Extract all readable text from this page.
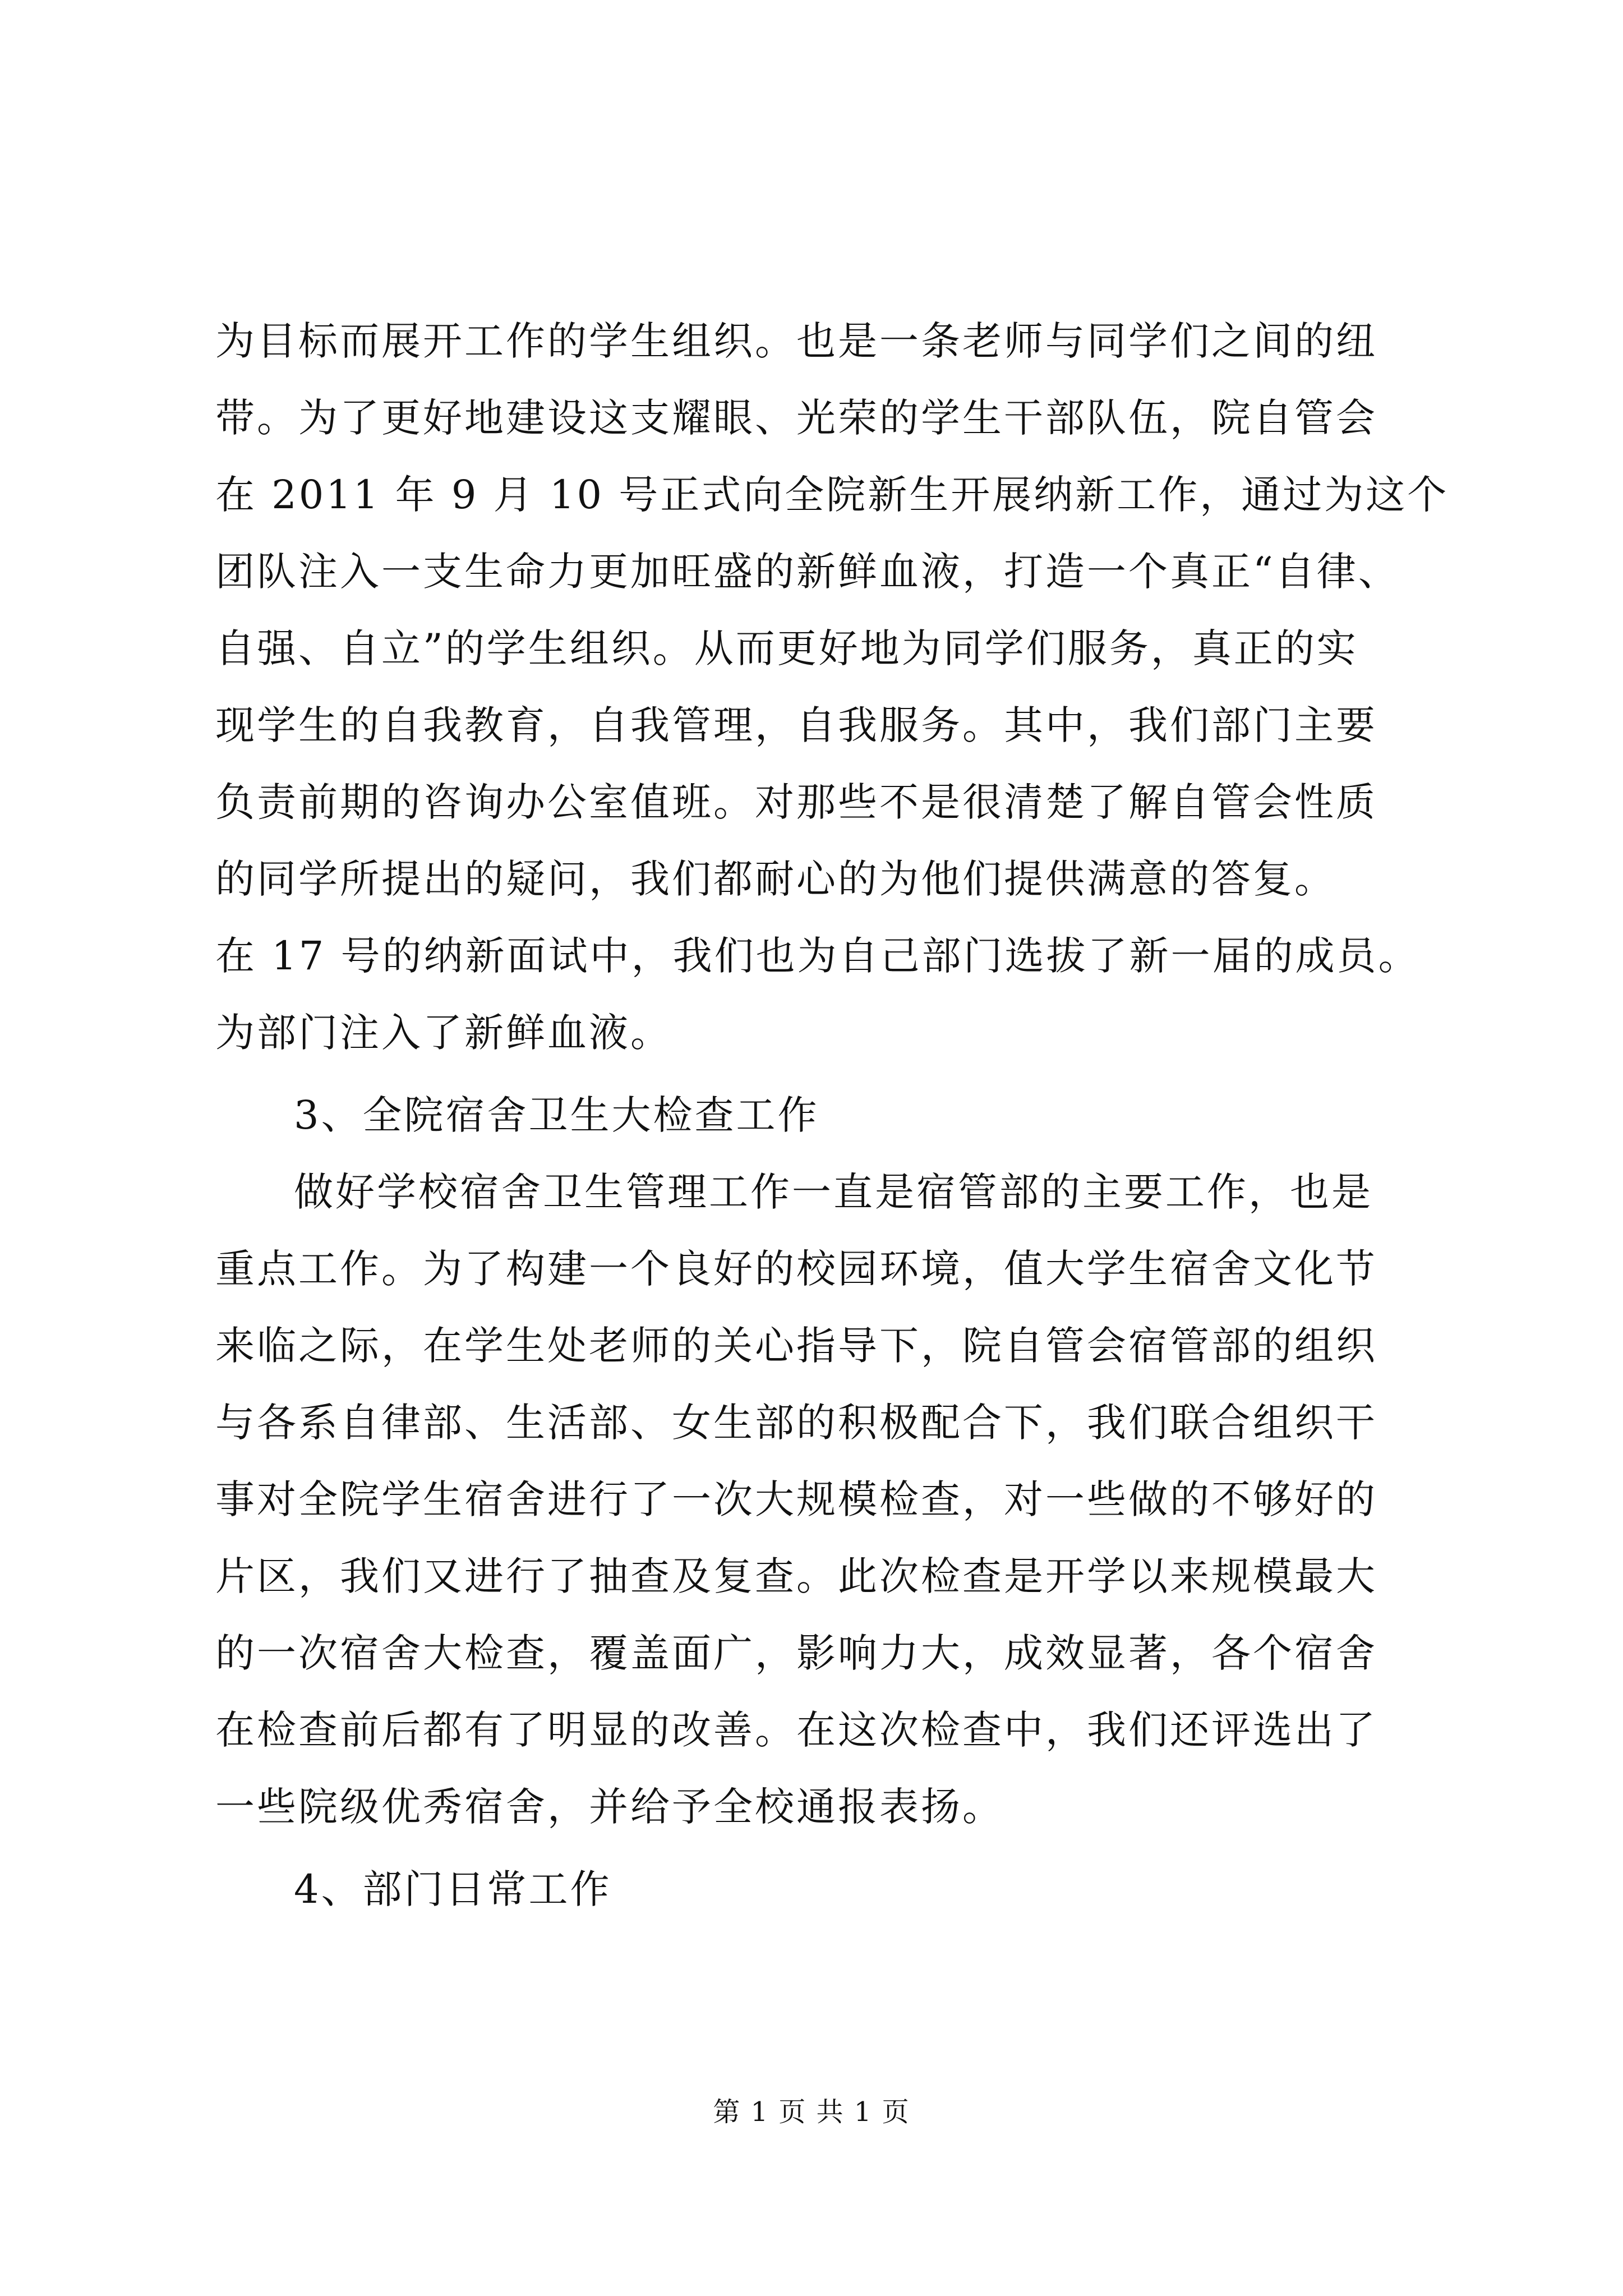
为目标而展开工作的学生组织。也是一条老师与同学们之间的纽
带。为了更好地建设这支耀眼、光荣的学生干部队伍，院自管会
在 2011 年 9 月 10 号正式向全院新生开展纳新工作，通过为这个
团队注入一支生命力更加旺盛的新鲜血液，打造一个真正“自律、
自强、自立”的学生组织。从而更好地为同学们服务，真正的实
现学生的自我教育，自我管理，自我服务。其中，我们部门主要
负责前期的咨询办公室值班。对那些不是很清楚了解自管会性质
的同学所提出的疑问，我们都耐心的为他们提供满意的答复。
在 17 号的纳新面试中，我们也为自己部门选拔了新一届的成员。
为部门注入了新鲜血液。
3、全院宿舍卫生大检查工作
做好学校宿舍卫生管理工作一直是宿管部的主要工作，也是
重点工作。为了构建一个良好的校园环境，值大学生宿舍文化节
来临之际，在学生处老师的关心指导下，院自管会宿管部的组织
与各系自律部、生活部、女生部的积极配合下，我们联合组织干
事对全院学生宿舍进行了一次大规模检查，对一些做的不够好的
片区，我们又进行了抽查及复查。此次检查是开学以来规模最大
的一次宿舍大检查，覆盖面广，影响力大，成效显著，各个宿舍
在检查前后都有了明显的改善。在这次检查中，我们还评选出了
一些院级优秀宿舍，并给予全校通报表扬。
4、部门日常工作
第 1 页 共 1 页
